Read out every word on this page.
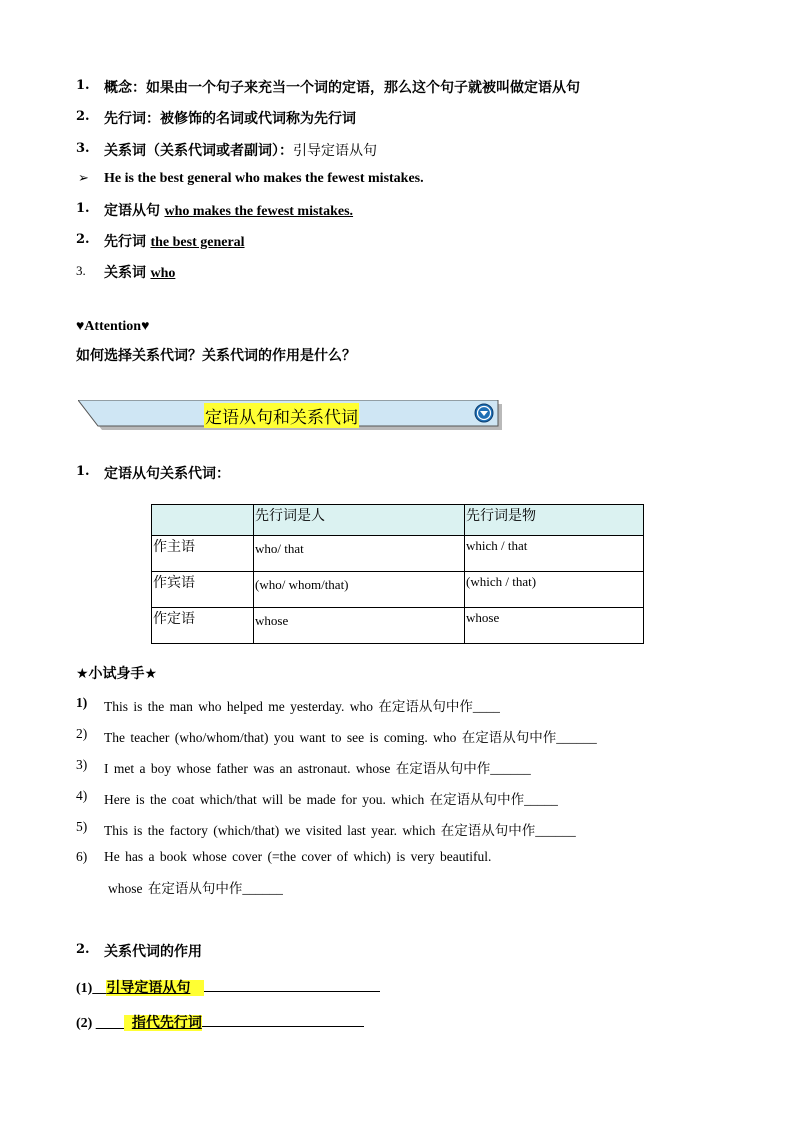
1. 概念：如果由一个句子来充当一个词的定语，那么这个句子就被叫做定语从句
2. 先行词：被修饰的名词或代词称为先行词
3. 关系词（关系代词或者副词）：引导定语从句
➢ He is the best general who makes the fewest mistakes.
1. 定语从句 who makes the fewest mistakes.
2. 先行词 the best general
3. 关系词 who
♥Attention♥
如何选择关系代词？关系代词的作用是什么？
定语从句和关系代词
1. 定语从句关系代词：
	先行词是人	先行词是物
作主语	who/ that	which / that
作宾语	(who/ whom/that)	(which / that)
作定语	whose	whose
★小试身手★
1) This is the man who helped me yesterday. who 在定语从句中作____
2) The teacher (who/whom/that) you want to see is coming. who 在定语从句中作______
3) I met a boy whose father was an astronaut. whose 在定语从句中作______
4) Here is the coat which/that will be made for you. which 在定语从句中作_____
5) This is the factory (which/that) we visited last year. which 在定语从句中作______
6) He has a book whose cover (=the cover of which) is very beautiful.
whose 在定语从句中作______
2. 关系代词的作用
(1)__引导定语从句
(2) ____ 指代先行词
